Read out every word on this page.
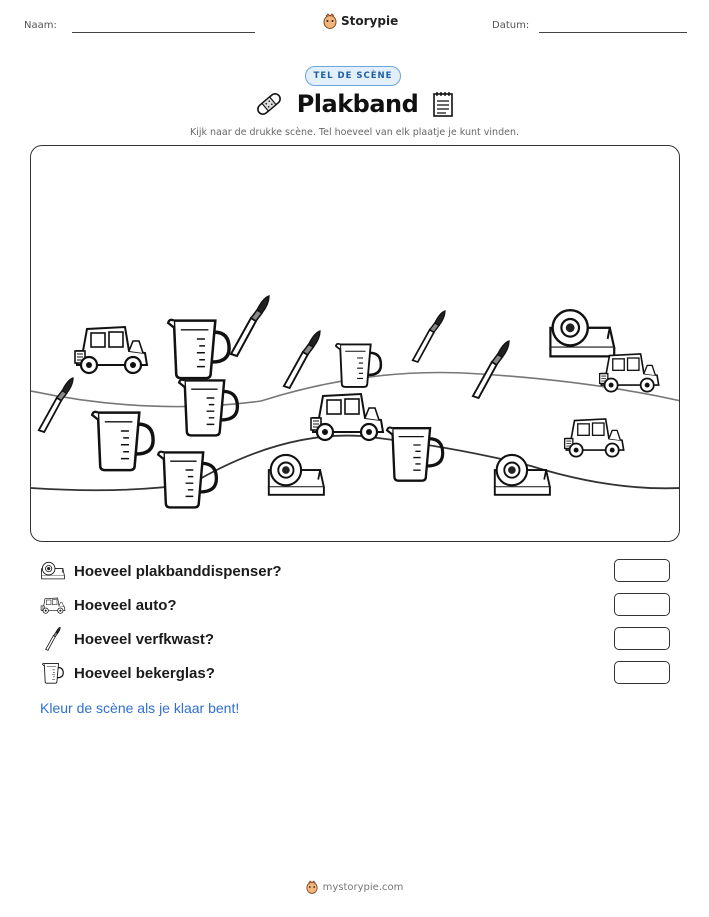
Naam:	Storypie	Datum:
TEL DE SCÈNE
Plakband
Kijk naar de drukke scène. Tel hoeveel van elk plaatje je kunt vinden.
Hoeveel plakbanddispenser?
Hoeveel auto?
Hoeveel verfkwast?
Hoeveel bekerglas?
Kleur de scène als je klaar bent!
mystorypie.com
